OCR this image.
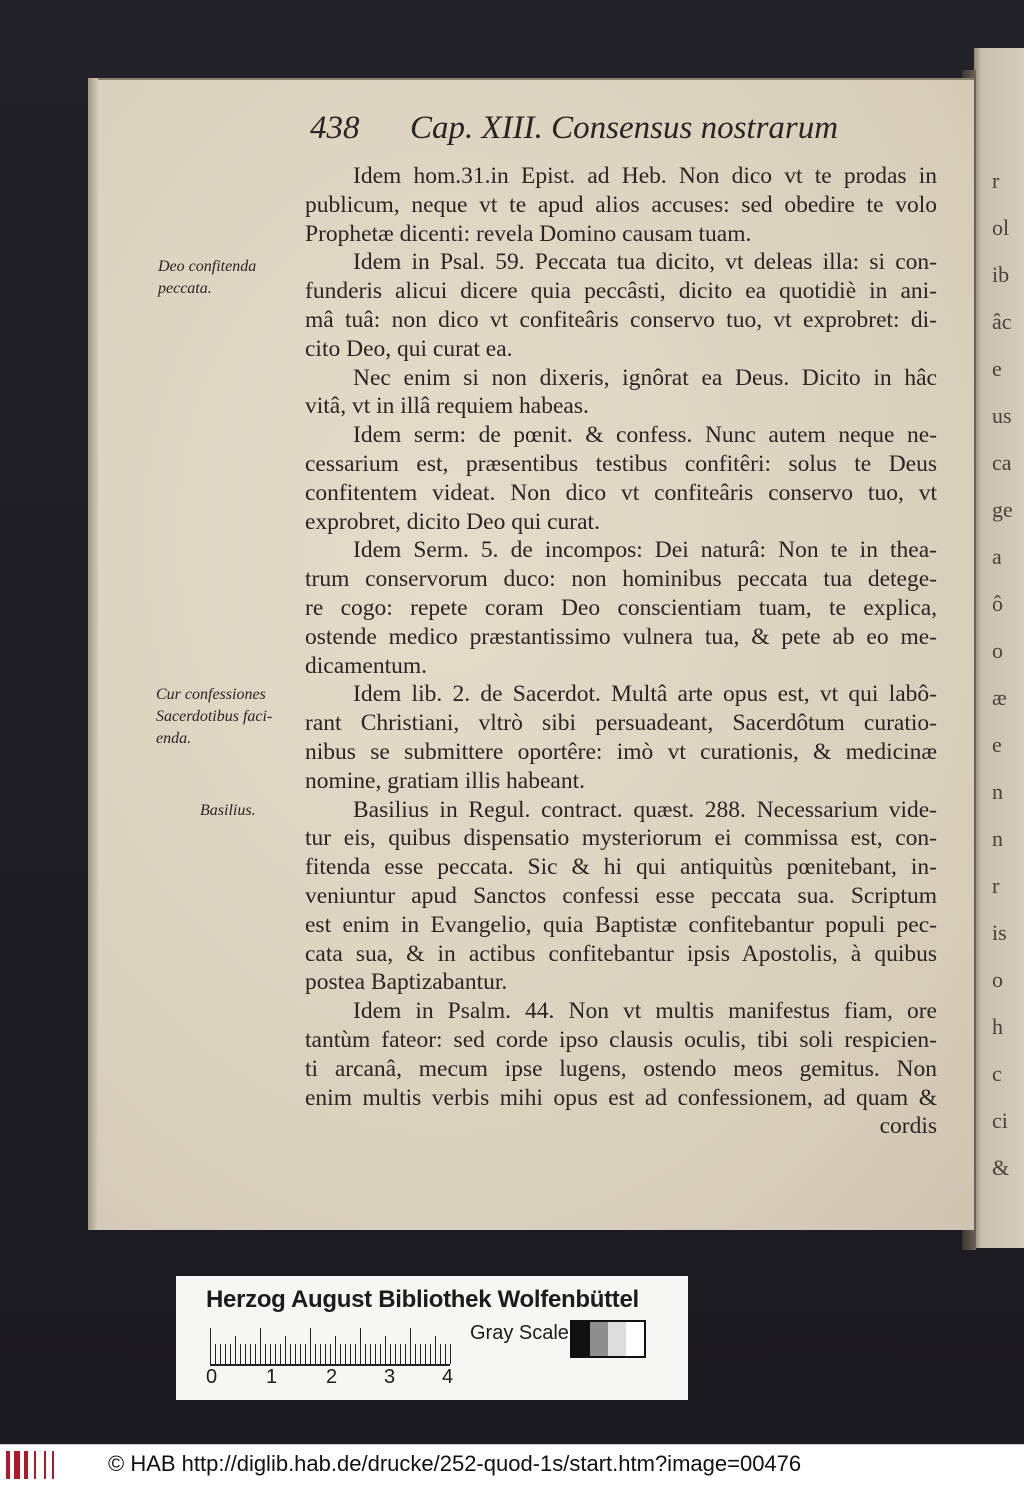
r
ol
ib
âc
e
us
ca
ge
a
ô
o
æ
e
n
n
r
is
o
h
c
ci
&
438 Cap. XIII. Consensus nostrarum
Idem hom.31.in Epist. ad Heb. Non dico vt te prodas in
publicum, neque vt te apud alios accuses: sed obedire te volo
Prophetæ dicenti: revela Domino causam tuam.
Idem in Psal. 59. Peccata tua dicito, vt deleas illa: si con-
funderis alicui dicere quia peccâsti, dicito ea quotidiè in ani-
mâ tuâ: non dico vt confiteâris conservo tuo, vt exprobret: di-
cito Deo, qui curat ea.
Nec enim si non dixeris, ignôrat ea Deus. Dicito in hâc
vitâ, vt in illâ requiem habeas.
Idem serm: de pœnit. & confess. Nunc autem neque ne-
cessarium est, præsentibus testibus confitêri: solus te Deus
confitentem videat. Non dico vt confiteâris conservo tuo, vt
exprobret, dicito Deo qui curat.
Idem Serm. 5. de incompos: Dei naturâ: Non te in thea-
trum conservorum duco: non hominibus peccata tua detege-
re cogo: repete coram Deo conscientiam tuam, te explica,
ostende medico præstantissimo vulnera tua, & pete ab eo me-
dicamentum.
Idem lib. 2. de Sacerdot. Multâ arte opus est, vt qui labô-
rant Christiani, vltrò sibi persuadeant, Sacerdôtum curatio-
nibus se submittere oportêre: imò vt curationis, & medicinæ
nomine, gratiam illis habeant.
Basilius in Regul. contract. quæst. 288. Necessarium vide-
tur eis, quibus dispensatio mysteriorum ei commissa est, con-
fitenda esse peccata. Sic & hi qui antiquitùs pœnitebant, in-
veniuntur apud Sanctos confessi esse peccata sua. Scriptum
est enim in Evangelio, quia Baptistæ confitebantur populi pec-
cata sua, & in actibus confitebantur ipsis Apostolis, à quibus
postea Baptizabantur.
Idem in Psalm. 44. Non vt multis manifestus fiam, ore
tantùm fateor: sed corde ipso clausis oculis, tibi soli respicien-
ti arcanâ, mecum ipse lugens, ostendo meos gemitus. Non
enim multis verbis mihi opus est ad confessionem, ad quam &
cordis
Deo confitenda
peccata.
Cur confessiones
Sacerdotibus faci-
enda.
Basilius.
Herzog August Bibliothek Wolfenbüttel
0 1 2 3 4
Gray Scale
© HAB http://diglib.hab.de/drucke/252-quod-1s/start.htm?image=00476
